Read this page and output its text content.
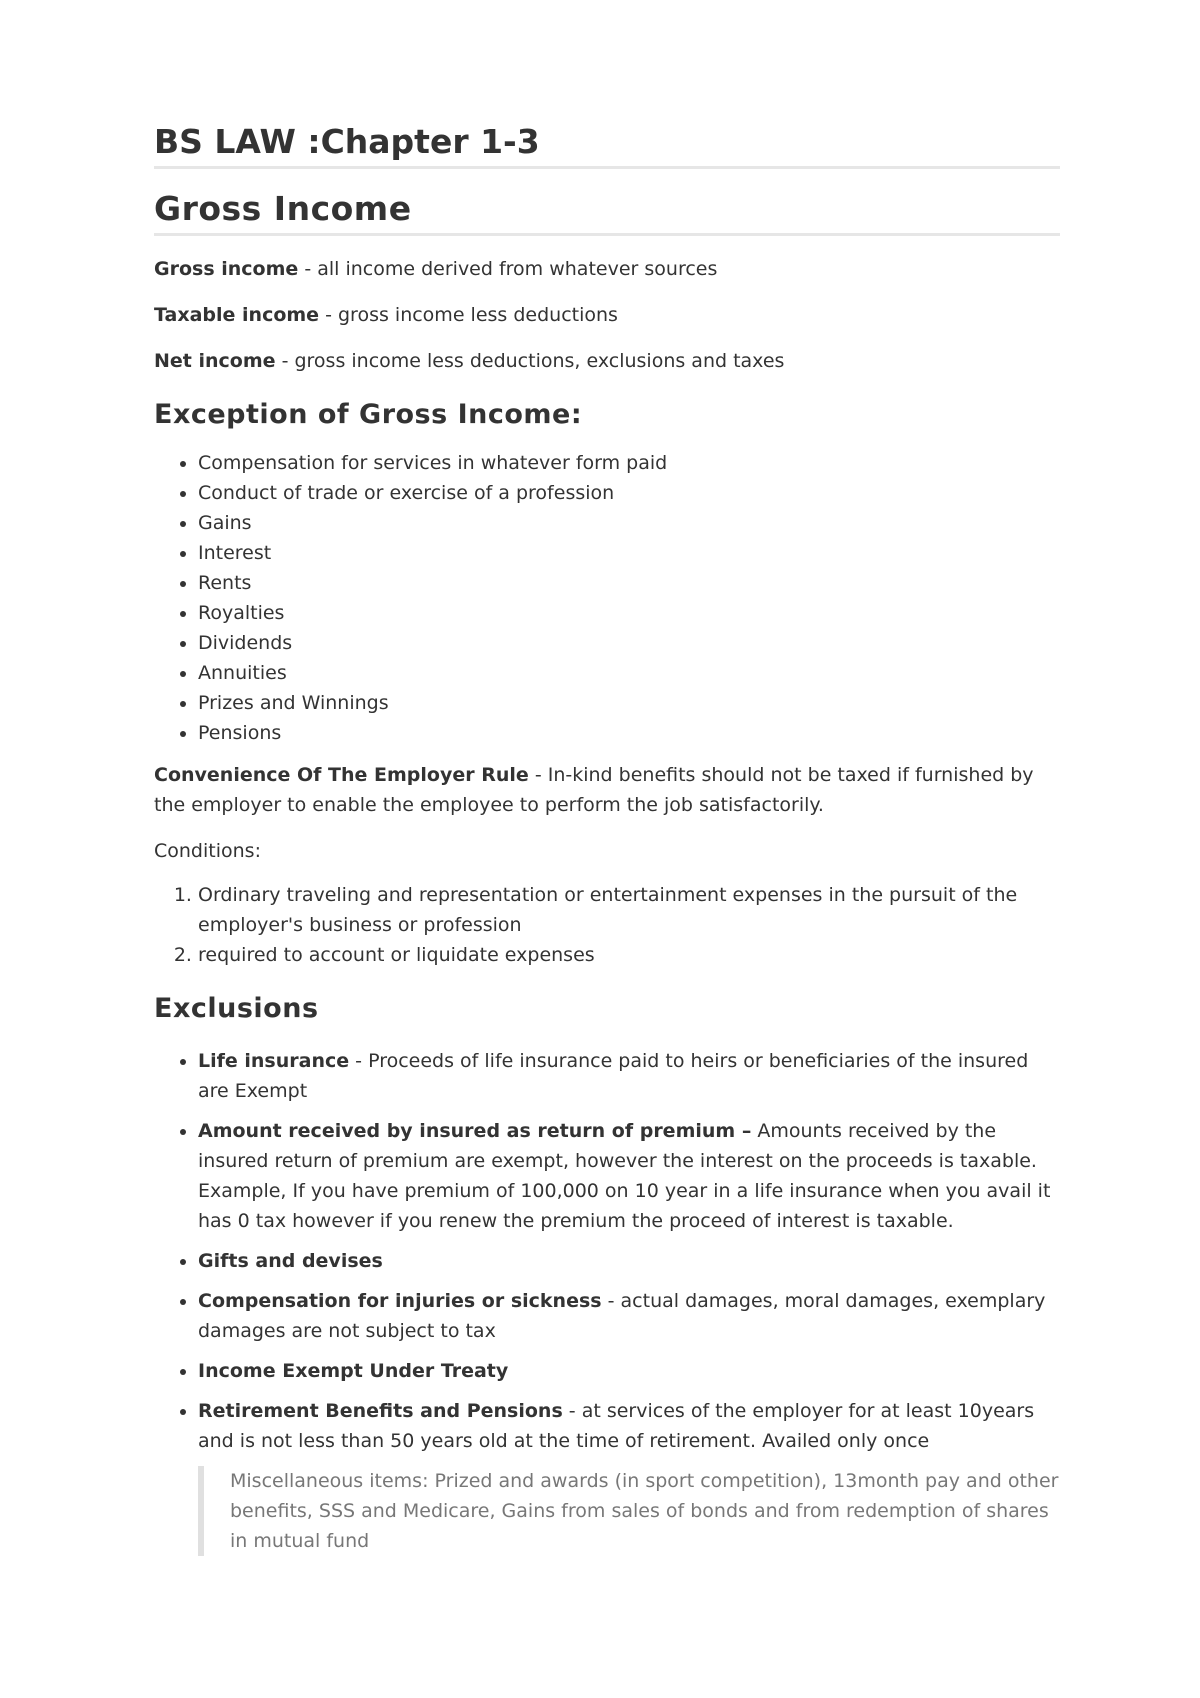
BS LAW :Chapter 1-3
Gross Income

Gross income - all income derived from whatever sources

Taxable income - gross income less deductions

Net income - gross income less deductions, exclusions and taxes

Exception of Gross Income:
• Compensation for services in whatever form paid
• Conduct of trade or exercise of a profession
• Gains
• Interest
• Rents
• Royalties
• Dividends
• Annuities
• Prizes and Winnings
• Pensions

Convenience Of The Employer Rule - In-kind benefits should not be taxed if furnished by the employer to enable the employee to perform the job satisfactorily.

Conditions:

1. Ordinary traveling and representation or entertainment expenses in the pursuit of the employer's business or profession
2. required to account or liquidate expenses
Exclusions
• Life insurance - Proceeds of life insurance paid to heirs or beneficiaries of the insured are Exempt
• Amount received by insured as return of premium – Amounts received by the insured return of premium are exempt, however the interest on the proceeds is taxable. Example, If you have premium of 100,000 on 10 year in a life insurance when you avail it has 0 tax however if you renew the premium the proceed of interest is taxable.
• Gifts and devises
• Compensation for injuries or sickness - actual damages, moral damages, exemplary damages are not subject to tax
• Income Exempt Under Treaty
• Retirement Benefits and Pensions - at services of the employer for at least 10years and is not less than 50 years old at the time of retirement. Availed only once
Miscellaneous items: Prized and awards (in sport competition), 13month pay and other benefits, SSS and Medicare, Gains from sales of bonds and from redemption of shares in mutual fund
